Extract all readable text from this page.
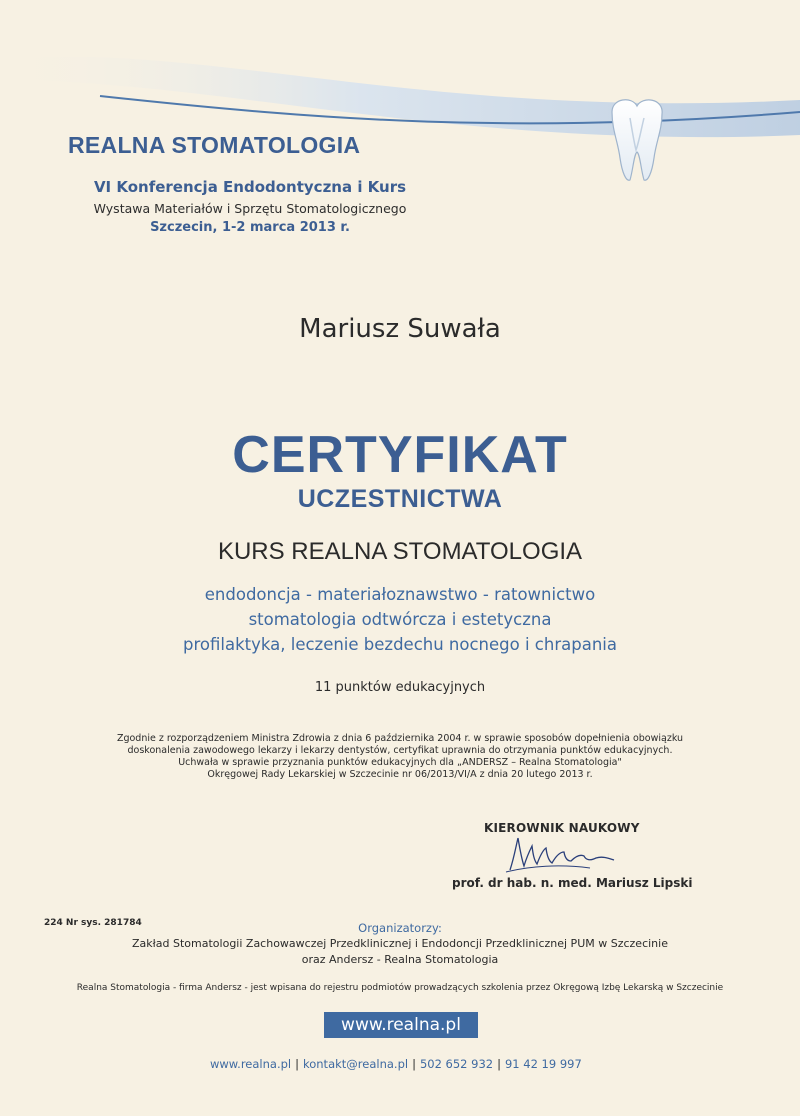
REALNA STOMATOLOGIA
VI Konferencja Endodontyczna i Kurs
Wystawa Materiałów i Sprzętu Stomatologicznego
Szczecin, 1-2 marca 2013 r.
Mariusz Suwała
CERTYFIKAT
UCZESTNICTWA
KURS REALNA STOMATOLOGIA
endodoncja - materiałoznawstwo - ratownictwo
stomatologia odtwórcza i estetyczna
profilaktyka, leczenie bezdechu nocnego i chrapania
11 punktów edukacyjnych
Zgodnie z rozporządzeniem Ministra Zdrowia z dnia 6 października 2004 r. w sprawie sposobów dopełnienia obowiązku
doskonalenia zawodowego lekarzy i lekarzy dentystów, certyfikat uprawnia do otrzymania punktów edukacyjnych.
Uchwała w sprawie przyznania punktów edukacyjnych dla „ANDERSZ – Realna Stomatologia"
Okręgowej Rady Lekarskiej w Szczecinie nr 06/2013/VI/A z dnia 20 lutego 2013 r.
KIEROWNIK NAUKOWY
prof. dr hab. n. med. Mariusz Lipski
224 Nr sys. 281784	Organizatorzy:
Zakład Stomatologii Zachowawczej Przedklinicznej i Endodoncji Przedklinicznej PUM w Szczecinie
oraz Andersz - Realna Stomatologia
Realna Stomatologia - firma Andersz - jest wpisana do rejestru podmiotów prowadzących szkolenia przez Okręgową Izbę Lekarską w Szczecinie
www.realna.pl
www.realna.pl | kontakt@realna.pl | 502 652 932 | 91 42 19 997
